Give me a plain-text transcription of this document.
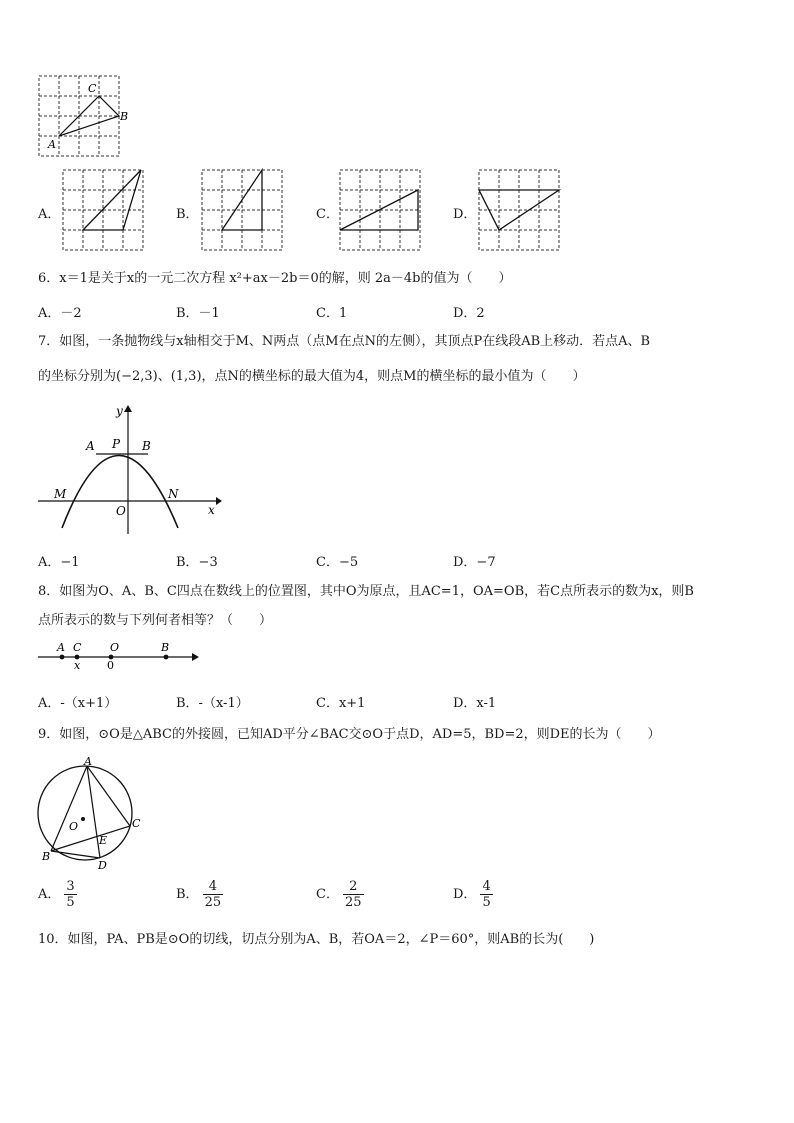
C
B
A
A．	B．	C．	D．
6．x＝1是关于x的一元二次方程 x²+ax－2b＝0的解，则 2a－4b的值为（　　）
A．－2	B．－1	C．1	D．2
7．如图，一条抛物线与x轴相交于M、N两点（点M在点N的左侧），其顶点P在线段AB上移动．若点A、B
的坐标分别为(−2,3)、(1,3)，点N的横坐标的最大值为4，则点M的横坐标的最小值为（　　）
y
A P B
M	N
O	x
A．−1	B．−3	C．−5	D．−7
8．如图为O、A、B、C四点在数线上的位置图，其中O为原点，且AC=1，OA=OB，若C点所表示的数为x，则B
点所表示的数与下列何者相等？（　　）
A C	O	B
x 0
A．-（x+1）	B．-（x-1）	C．x+1	D．x-1
9．如图，⊙O是△ABC的外接圆，已知AD平分∠BAC交⊙O于点D，AD=5，BD=2，则DE的长为（　　）
A
O	C
E
B
D
A． $\frac{3}{5}$	B． $\frac{4}{25}$	C． $\frac{2}{25}$	D． $\frac{4}{5}$
10．如图，PA、PB是⊙O的切线，切点分别为A、B，若OA＝2，∠P＝60°，则AB的长为(　　)
